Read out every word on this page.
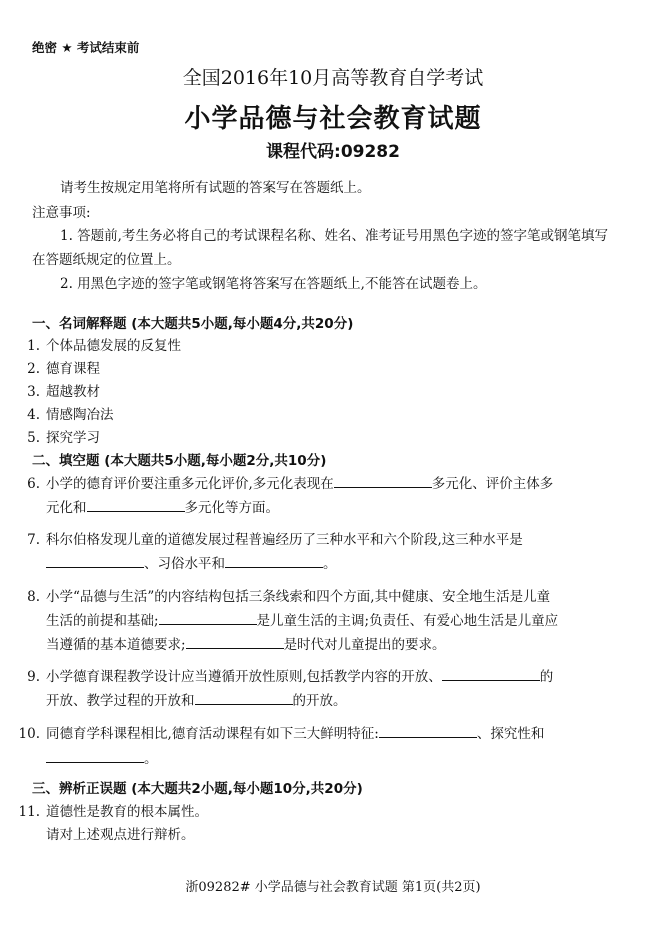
绝密 ★ 考试结束前
全国2016年10月高等教育自学考试
小学品德与社会教育试题
课程代码:09282
请考生按规定用笔将所有试题的答案写在答题纸上。
注意事项:
1. 答题前,考生务必将自己的考试课程名称、姓名、准考证号用黑色字迹的签字笔或钢笔填写
在答题纸规定的位置上。
2. 用黑色字迹的签字笔或钢笔将答案写在答题纸上,不能答在试题卷上。
一、名词解释题 (本大题共5小题,每小题4分,共20分)
1. 个体品德发展的反复性
2. 德育课程
3. 超越教材
4. 情感陶冶法
5. 探究学习
二、填空题 (本大题共5小题,每小题2分,共10分)
6. 小学的德育评价要注重多元化评价,多元化表现在	多元化、评价主体多
元化和	多元化等方面。
7. 科尔伯格发现儿童的道德发展过程普遍经历了三种水平和六个阶段,这三种水平是
、习俗水平和	。
8. 小学“品德与生活”的内容结构包括三条线索和四个方面,其中健康、安全地生活是儿童
生活的前提和基础;	是儿童生活的主调;负责任、有爱心地生活是儿童应
当遵循的基本道德要求;	是时代对儿童提出的要求。
9. 小学德育课程教学设计应当遵循开放性原则,包括教学内容的开放、	的
开放、教学过程的开放和	的开放。
10. 同德育学科课程相比,德育活动课程有如下三大鲜明特征:	、探究性和
。
三、辨析正误题 (本大题共2小题,每小题10分,共20分)
11. 道德性是教育的根本属性。
请对上述观点进行辩析。
浙09282# 小学品德与社会教育试题 第1页(共2页)
